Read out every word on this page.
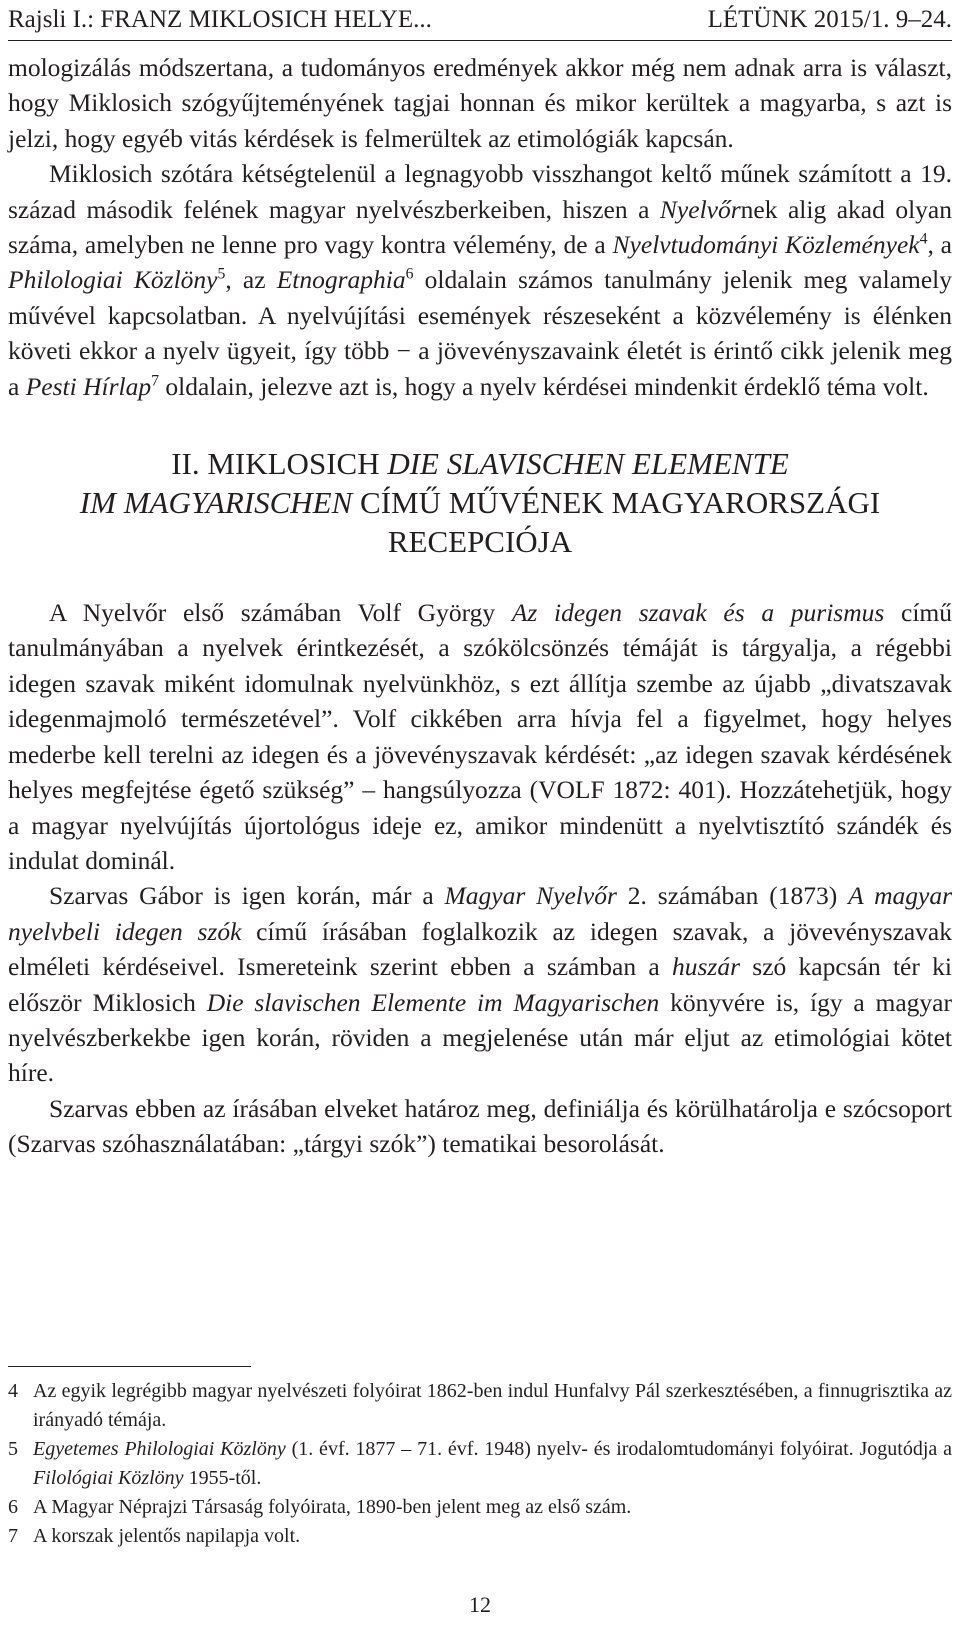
Rajsli I.: FRANZ MIKLOSICH HELYE...	LÉTÜNK 2015/1. 9–24.

mologizálás módszertana, a tudományos eredmények akkor még nem adnak arra is választ, hogy Miklosich szógyűjteményének tagjai honnan és mikor kerültek a magyarba, s azt is jelzi, hogy egyéb vitás kérdések is felmerültek az etimológiák kapcsán.

Miklosich szótára kétségtelenül a legnagyobb visszhangot keltő műnek számított a 19. század második felének magyar nyelvészberkeiben, hiszen a Nyelvőrnek alig akad olyan száma, amelyben ne lenne pro vagy kontra vélemény, de a Nyelvtudományi Közlemények$^4$, a Philologiai Közlöny$^5$, az Etnographia$^6$ oldalain számos tanulmány jelenik meg valamely művével kapcsolatban. A nyelvújítási események részeseként a közvélemény is élénken követi ekkor a nyelv ügyeit, így több − a jövevényszavaink életét is érintő cikk jelenik meg a Pesti Hírlap$^7$ oldalain, jelezve azt is, hogy a nyelv kérdései mindenkit érdeklő téma volt.

II. MIKLOSICH DIE SLAVISCHEN ELEMENTE
IM MAGYARISCHEN CÍMŰ MŰVÉNEK MAGYARORSZÁGI
RECEPCIÓJA

A Nyelvőr első számában Volf György Az idegen szavak és a purismus című tanulmányában a nyelvek érintkezését, a szókölcsönzés témáját is tárgyalja, a régebbi idegen szavak miként idomulnak nyelvünkhöz, s ezt állítja szembe az újabb „divatszavak idegenmajmoló természetével”. Volf cikkében arra hívja fel a figyelmet, hogy helyes mederbe kell terelni az idegen és a jövevényszavak kérdését: „az idegen szavak kérdésének helyes megfejtése égető szükség” – hangsúlyozza (VOLF 1872: 401). Hozzátehetjük, hogy a magyar nyelvújítás újortológus ideje ez, amikor mindenütt a nyelvtisztító szándék és indulat dominál.

Szarvas Gábor is igen korán, már a Magyar Nyelvőr 2. számában (1873) A magyar nyelvbeli idegen szók című írásában foglalkozik az idegen szavak, a jövevényszavak elméleti kérdéseivel. Ismereteink szerint ebben a számban a huszár szó kapcsán tér ki először Miklosich Die slavischen Elemente im Magyarischen könyvére is, így a magyar nyelvészberkekbe igen korán, röviden a megjelenése után már eljut az etimológiai kötet híre.

Szarvas ebben az írásában elveket határoz meg, definiálja és körülhatárolja e szócsoport (Szarvas szóhasználatában: „tárgyi szók”) tematikai besorolását.

4 Az egyik legrégibb magyar nyelvészeti folyóirat 1862-ben indul Hunfalvy Pál szerkesztésében, a finnugrisztika az irányadó témája.
5 Egyetemes Philologiai Közlöny (1. évf. 1877 – 71. évf. 1948) nyelv- és irodalomtudományi folyóirat. Jogutódja a Filológiai Közlöny 1955-től.
6 A Magyar Néprajzi Társaság folyóirata, 1890-ben jelent meg az első szám.
7 A korszak jelentős napilapja volt.
12
